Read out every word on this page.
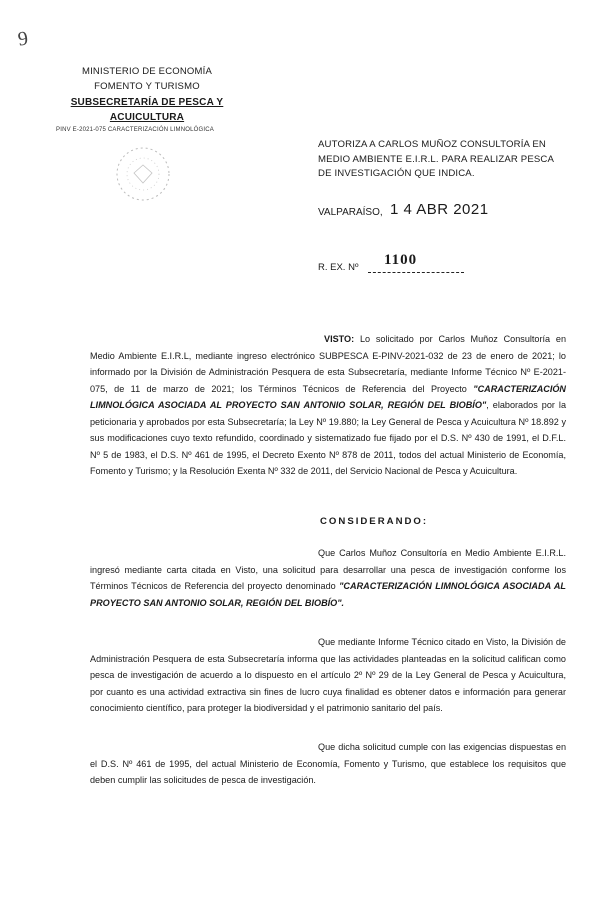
9
MINISTERIO DE ECONOMÍA
FOMENTO Y TURISMO
SUBSECRETARÍA DE PESCA Y
ACUICULTURA
PINV E-2021-075 CARACTERIZACIÓN LIMNOLÓGICA
AUTORIZA A CARLOS MUÑOZ CONSULTORÍA EN MEDIO AMBIENTE E.I.R.L. PARA REALIZAR PESCA DE INVESTIGACIÓN QUE INDICA.
VALPARAÍSO, 1 4 ABR 2021
R. EX. Nº 1100

VISTO: Lo solicitado por Carlos Muñoz Consultoría en Medio Ambiente E.I.R.L, mediante ingreso electrónico SUBPESCA E-PINV-2021-032 de 23 de enero de 2021; lo informado por la División de Administración Pesquera de esta Subsecretaría, mediante Informe Técnico Nº E-2021-075, de 11 de marzo de 2021; los Términos Técnicos de Referencia del Proyecto "CARACTERIZACIÓN LIMNOLÓGICA ASOCIADA AL PROYECTO SAN ANTONIO SOLAR, REGIÓN DEL BIOBÍO", elaborados por la peticionaria y aprobados por esta Subsecretaría; la Ley Nº 19.880; la Ley General de Pesca y Acuicultura Nº 18.892 y sus modificaciones cuyo texto refundido, coordinado y sistematizado fue fijado por el D.S. Nº 430 de 1991, el D.F.L. Nº 5 de 1983, el D.S. Nº 461 de 1995, el Decreto Exento Nº 878 de 2011, todos del actual Ministerio de Economía, Fomento y Turismo; y la Resolución Exenta Nº 332 de 2011, del Servicio Nacional de Pesca y Acuicultura.

CONSIDERANDO:

Que Carlos Muñoz Consultoría en Medio Ambiente E.I.R.L. ingresó mediante carta citada en Visto, una solicitud para desarrollar una pesca de investigación conforme los Términos Técnicos de Referencia del proyecto denominado "CARACTERIZACIÓN LIMNOLÓGICA ASOCIADA AL PROYECTO SAN ANTONIO SOLAR, REGIÓN DEL BIOBÍO".

Que mediante Informe Técnico citado en Visto, la División de Administración Pesquera de esta Subsecretaría informa que las actividades planteadas en la solicitud califican como pesca de investigación de acuerdo a lo dispuesto en el artículo 2º Nº 29 de la Ley General de Pesca y Acuicultura, por cuanto es una actividad extractiva sin fines de lucro cuya finalidad es obtener datos e información para generar conocimiento científico, para proteger la biodiversidad y el patrimonio sanitario del país.

Que dicha solicitud cumple con las exigencias dispuestas en el D.S. Nº 461 de 1995, del actual Ministerio de Economía, Fomento y Turismo, que establece los requisitos que deben cumplir las solicitudes de pesca de investigación.
